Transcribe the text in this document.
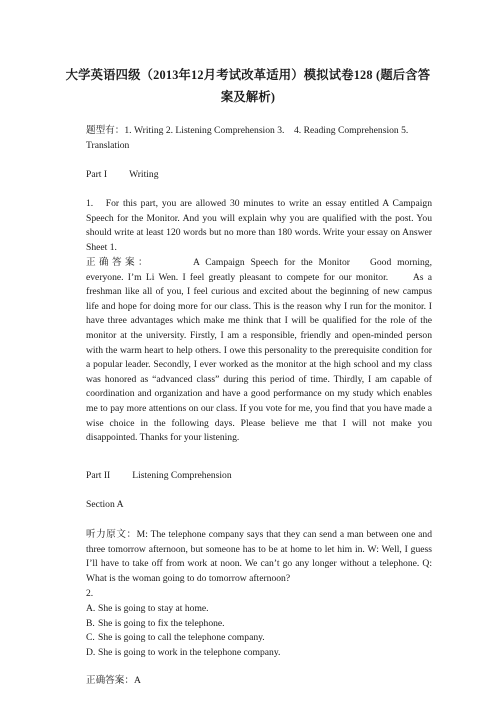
大学英语四级（2013年12月考试改革适用）模拟试卷128 (题后含答案及解析)

题型有：1. Writing 2. Listening Comprehension 3.　4. Reading Comprehension 5. Translation

Part I Writing

1.　For this part, you are allowed 30 minutes to write an essay entitled A Campaign Speech for the Monitor. And you will explain why you are qualified with the post. You should write at least 120 words but no more than 180 words. Write your essay on Answer Sheet 1.

正确答案：	A Campaign Speech for the Monitor Good morning, everyone. I’m Li Wen. I feel greatly pleasant to compete for our monitor.　　As a freshman like all of you, I feel curious and excited about the beginning of new campus life and hope for doing more for our class. This is the reason why I run for the monitor. I have three advantages which make me think that I will be qualified for the role of the monitor at the university. Firstly, I am a responsible, friendly and open-minded person with the warm heart to help others. I owe this personality to the prerequisite condition for a popular leader. Secondly, I ever worked as the monitor at the high school and my class was honored as “advanced class” during this period of time. Thirdly, I am capable of coordination and organization and have a good performance on my study which enables me to pay more attentions on our class. If you vote for me, you find that you have made a wise choice in the following days. Please believe me that I will not make you disappointed. Thanks for your listening.

Part II Listening Comprehension

Section A

听力原文：M: The telephone company says that they can send a man between one and three tomorrow afternoon, but someone has to be at home to let him in. W: Well, I guess I’ll have to take off from work at noon. We can’t go any longer without a telephone. Q: What is the woman going to do tomorrow afternoon?

2.

A. She is going to stay at home.
B. She is going to fix the telephone.
C. She is going to call the telephone company.
D. She is going to work in the telephone company.

正确答案：A
